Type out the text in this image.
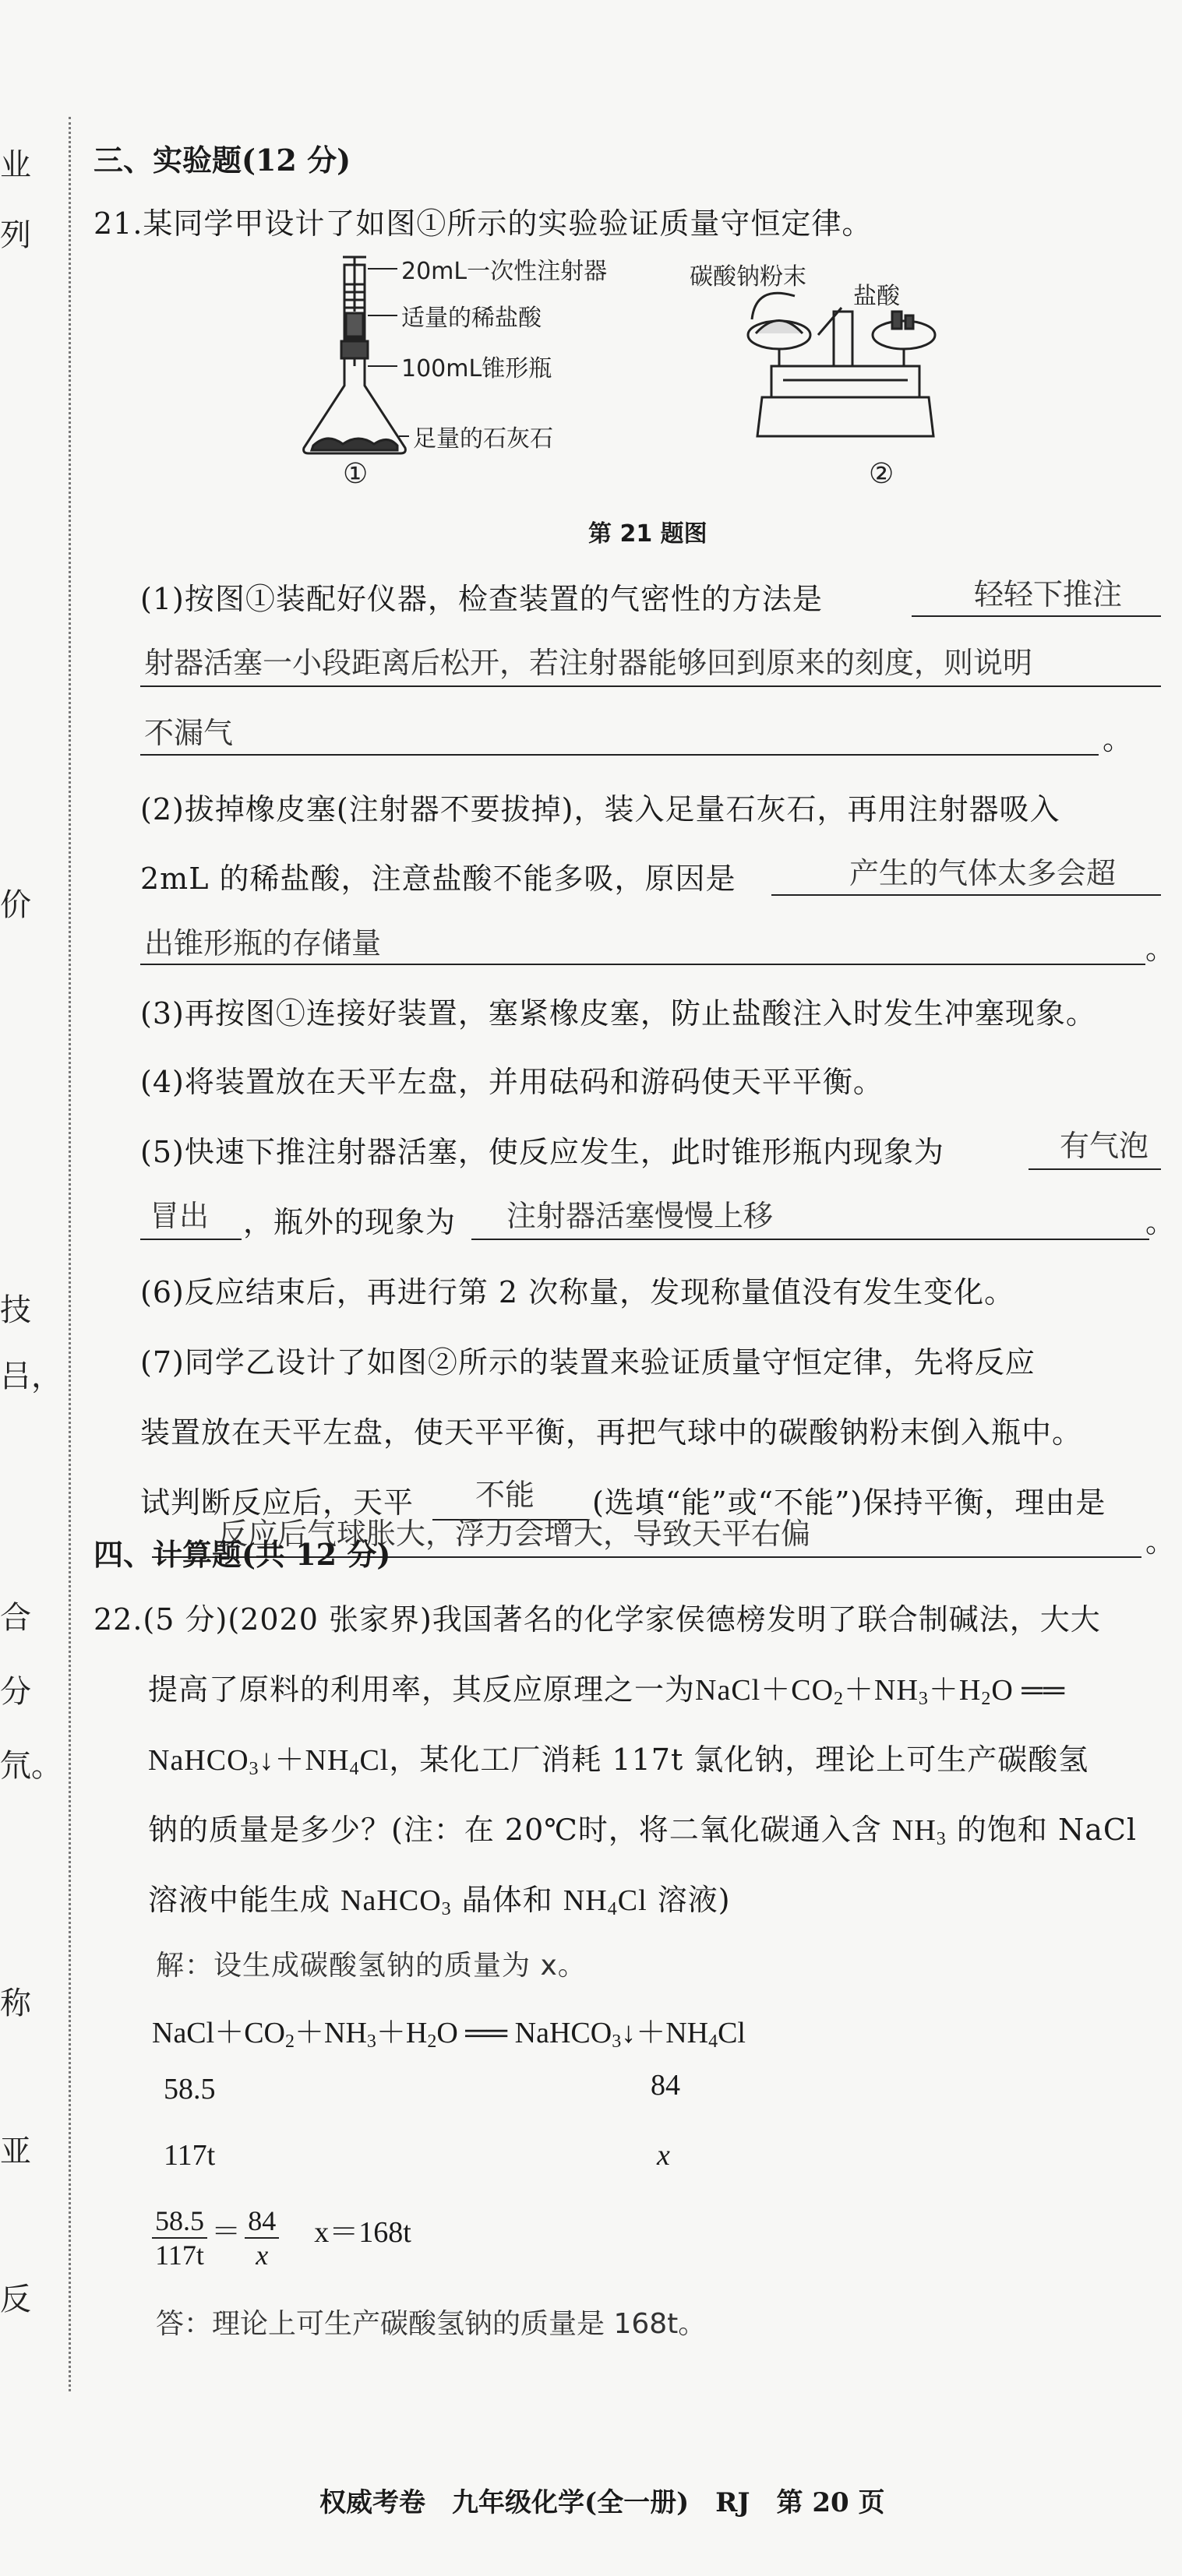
业
列
价
技
吕，
合
分
氘。
称
亚
反
三、实验题(12 分)
21.某同学甲设计了如图①所示的实验验证质量守恒定律。
20mL一次性注射器
适量的稀盐酸
100mL锥形瓶
足量的石灰石
①
碳酸钠粉末
盐酸
②
第 21 题图
(1)按图①装配好仪器，检查装置的气密性的方法是	轻轻下推注
射器活塞一小段距离后松开，若注射器能够回到原来的刻度，则说明
不漏气	。
(2)拔掉橡皮塞(注射器不要拔掉)，装入足量石灰石，再用注射器吸入
2mL 的稀盐酸，注意盐酸不能多吸，原因是	产生的气体太多会超
出锥形瓶的存储量	。
(3)再按图①连接好装置，塞紧橡皮塞，防止盐酸注入时发生冲塞现象。
(4)将装置放在天平左盘，并用砝码和游码使天平平衡。
(5)快速下推注射器活塞，使反应发生，此时锥形瓶内现象为	有气泡
冒出 ，瓶外的现象为 注射器活塞慢慢上移	。
(6)反应结束后，再进行第 2 次称量，发现称量值没有发生变化。
(7)同学乙设计了如图②所示的装置来验证质量守恒定律，先将反应
装置放在天平左盘，使天平平衡，再把气球中的碳酸钠粉末倒入瓶中。
试判断反应后，天平 不能 (选填“能”或“不能”)保持平衡，理由是
反应后气球胀大，浮力会增大，导致天平右偏	。
四、计算题(共 12 分)
22.(5 分)(2020 张家界)我国著名的化学家侯德榜发明了联合制碱法，大大
提高了原料的利用率，其反应原理之一为NaCl＋CO2＋NH3＋H2O ══
NaHCO3↓＋NH4Cl，某化工厂消耗 117t 氯化钠，理论上可生产碳酸氢
钠的质量是多少？(注：在 20℃时，将二氧化碳通入含 NH3 的饱和 NaCl
溶液中能生成 NaHCO3 晶体和 NH4Cl 溶液)
解：设生成碳酸氢钠的质量为 x。
NaCl＋CO2＋NH3＋H2O ══ NaHCO3↓＋NH4Cl
58.5	84
117t	x
$\frac{58.5}{117t} = \frac{84}{x} x=168t$
答：理论上可生产碳酸氢钠的质量是 168t。
权威考卷　九年级化学(全一册)　RJ　第 20 页
